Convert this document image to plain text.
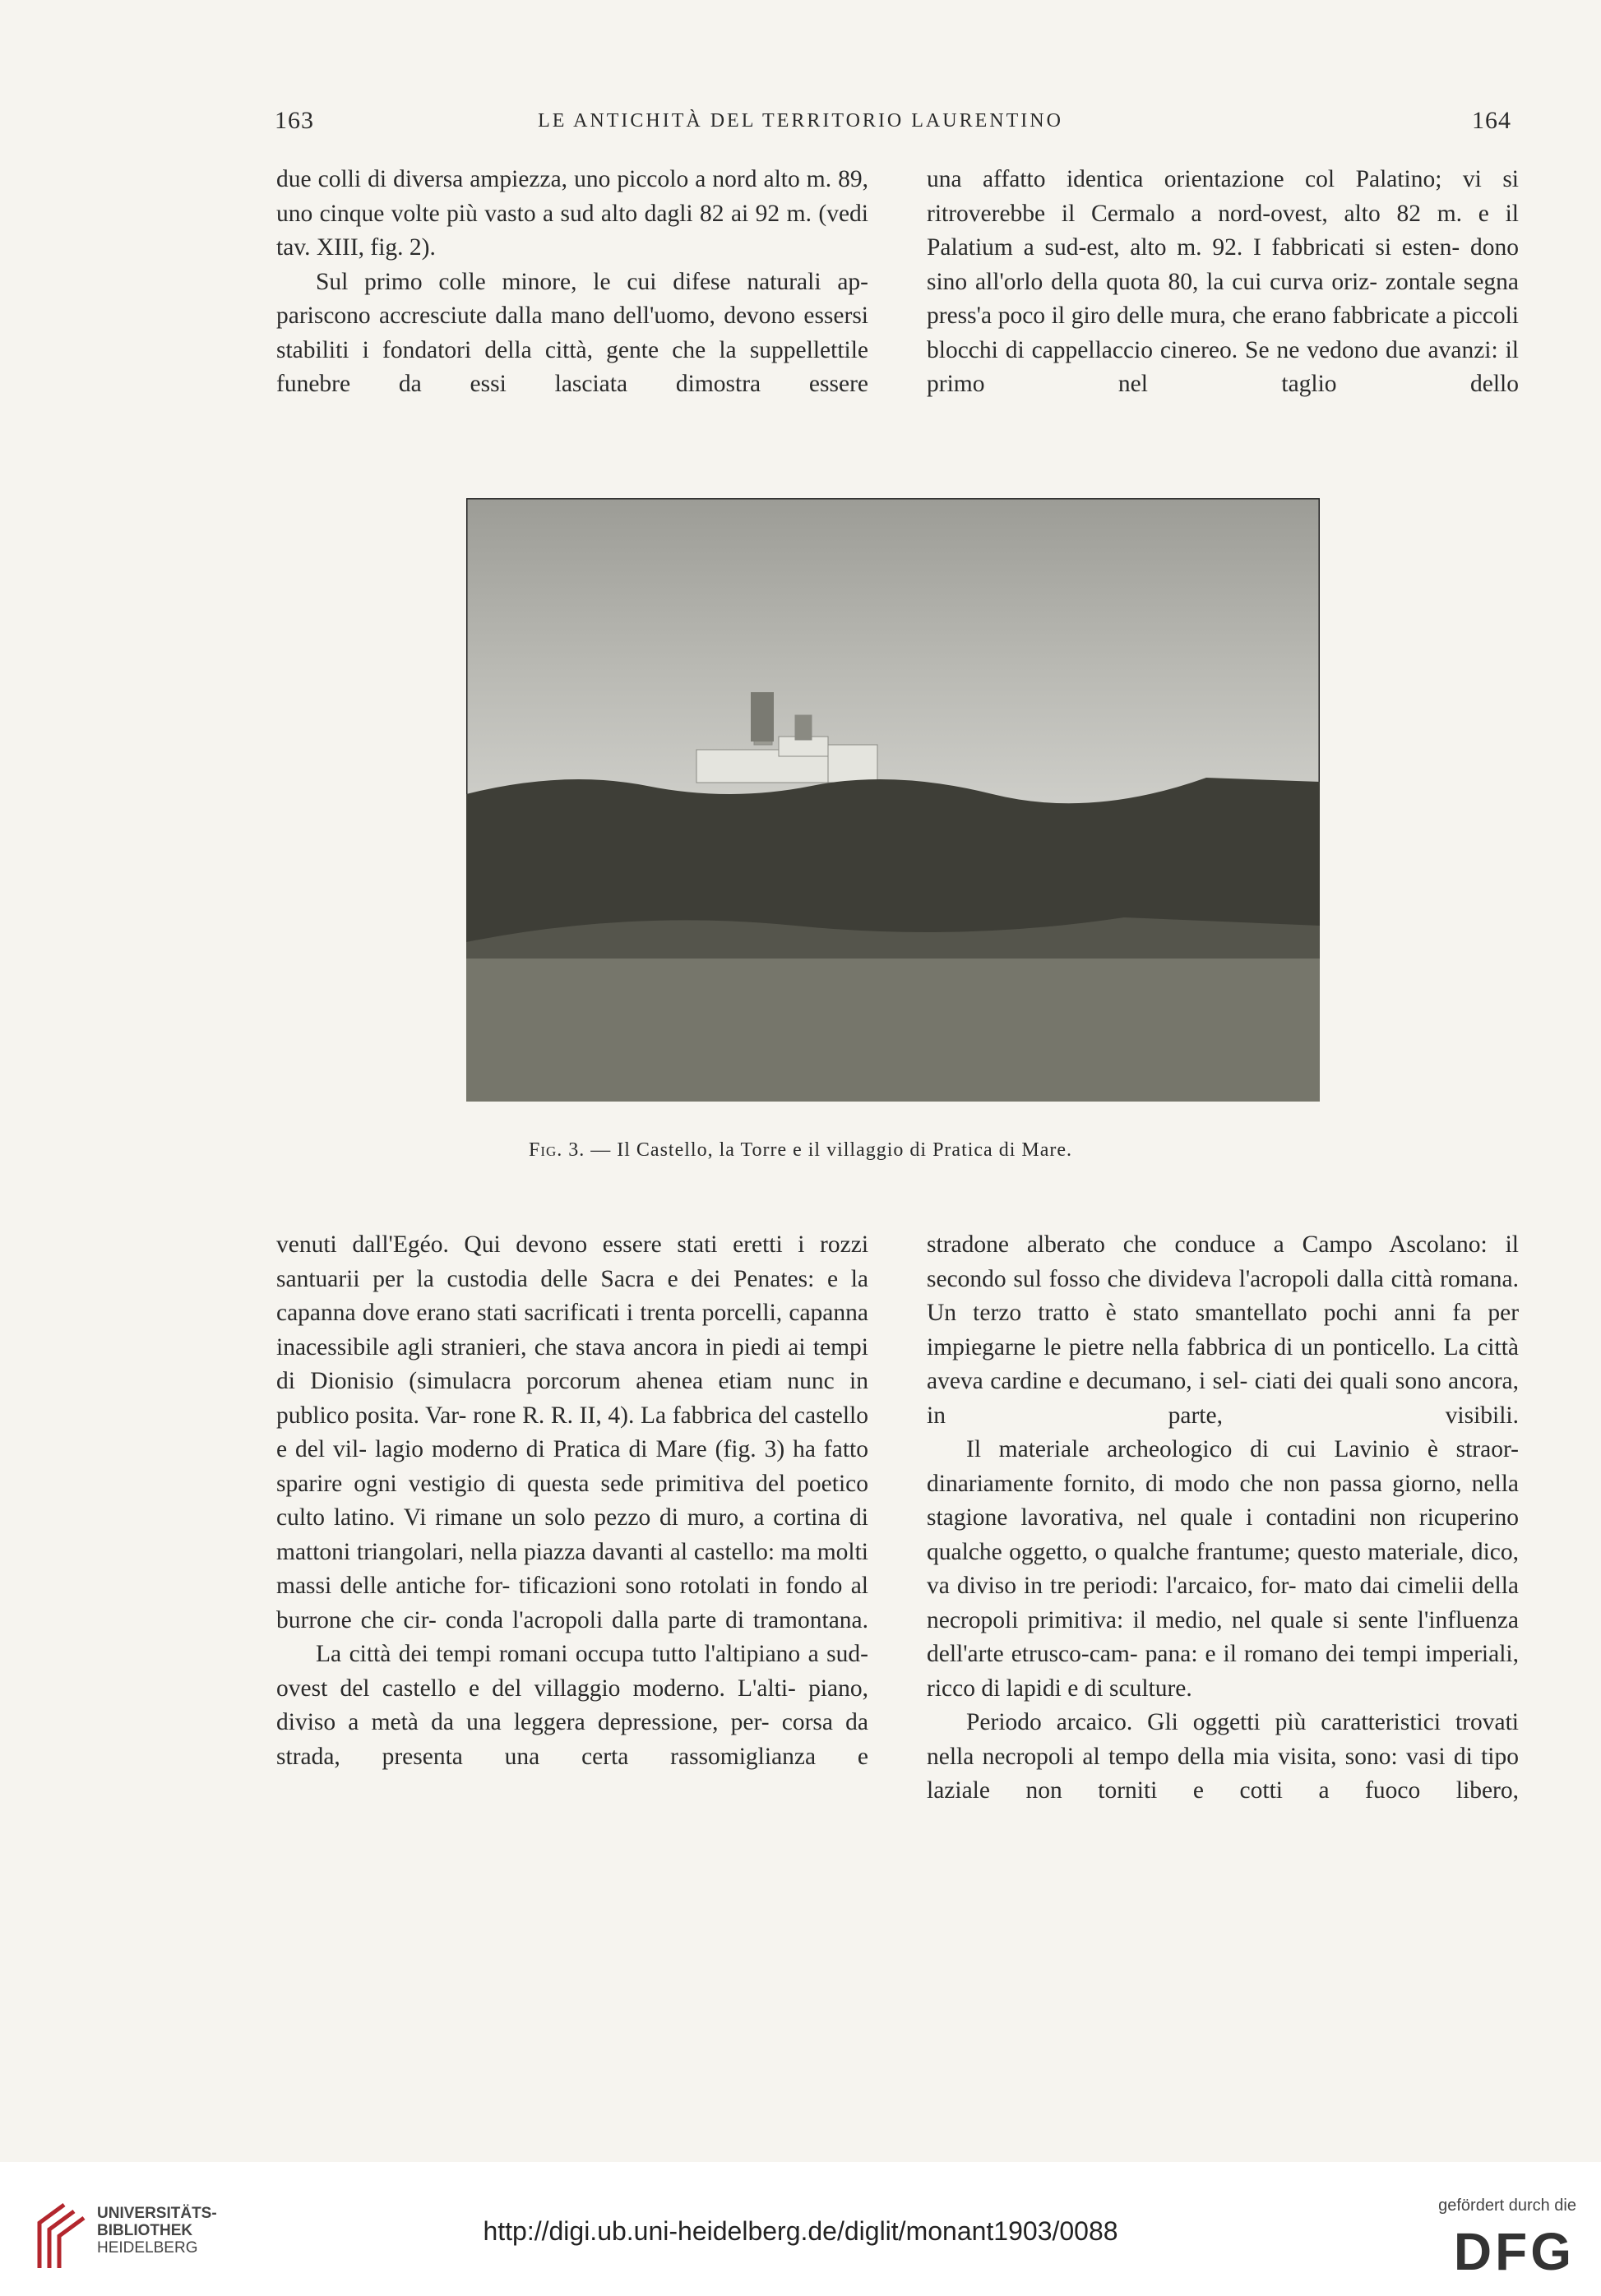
163	LE ANTICHITÀ DEL TERRITORIO LAURENTINO	164

due colli di diversa ampiezza, uno piccolo a nord alto m. 89, uno cinque volte più vasto a sud alto dagli 82 ai 92 m. (vedi tav. XIII, fig. 2).

Sul primo colle minore, le cui difese naturali ap- pariscono accresciute dalla mano dell'uomo, devono essersi stabiliti i fondatori della città, gente che la suppellettile funebre da essi lasciata dimostra essere

una affatto identica orientazione col Palatino; vi si ritroverebbe il Cermalo a nord-ovest, alto 82 m. e il Palatium a sud-est, alto m. 92. I fabbricati si esten- dono sino all'orlo della quota 80, la cui curva oriz- zontale segna press'a poco il giro delle mura, che erano fabbricate a piccoli blocchi di cappellaccio cinereo. Se ne vedono due avanzi: il primo nel taglio dello

Fig. 3. — Il Castello, la Torre e il villaggio di Pratica di Mare.

venuti dall'Egéo. Qui devono essere stati eretti i rozzi santuarii per la custodia delle Sacra e dei Penates: e la capanna dove erano stati sacrificati i trenta porcelli, capanna inacessibile agli stranieri, che stava ancora in piedi ai tempi di Dionisio (simulacra porcorum ahenea etiam nunc in publico posita. Var- rone R. R. II, 4). La fabbrica del castello e del vil- lagio moderno di Pratica di Mare (fig. 3) ha fatto sparire ogni vestigio di questa sede primitiva del poetico culto latino. Vi rimane un solo pezzo di muro, a cortina di mattoni triangolari, nella piazza davanti al castello: ma molti massi delle antiche for- tificazioni sono rotolati in fondo al burrone che cir- conda l'acropoli dalla parte di tramontana.

La città dei tempi romani occupa tutto l'altipiano a sud-ovest del castello e del villaggio moderno. L'alti- piano, diviso a metà da una leggera depressione, per- corsa da strada, presenta una certa rassomiglianza e

stradone alberato che conduce a Campo Ascolano: il secondo sul fosso che divideva l'acropoli dalla città romana. Un terzo tratto è stato smantellato pochi anni fa per impiegarne le pietre nella fabbrica di un ponticello. La città aveva cardine e decumano, i sel- ciati dei quali sono ancora, in parte, visibili.

Il materiale archeologico di cui Lavinio è straor- dinariamente fornito, di modo che non passa giorno, nella stagione lavorativa, nel quale i contadini non ricuperino qualche oggetto, o qualche frantume; questo materiale, dico, va diviso in tre periodi: l'arcaico, for- mato dai cimelii della necropoli primitiva: il medio, nel quale si sente l'influenza dell'arte etrusco-cam- pana: e il romano dei tempi imperiali, ricco di lapidi e di sculture.

Periodo arcaico. Gli oggetti più caratteristici trovati nella necropoli al tempo della mia visita, sono: vasi di tipo laziale non torniti e cotti a fuoco libero,

UNIVERSITÄTS-
BIBLIOTHEK
HEIDELBERG
http://digi.ub.uni-heidelberg.de/diglit/monant1903/0088
gefördert durch die
DFG
